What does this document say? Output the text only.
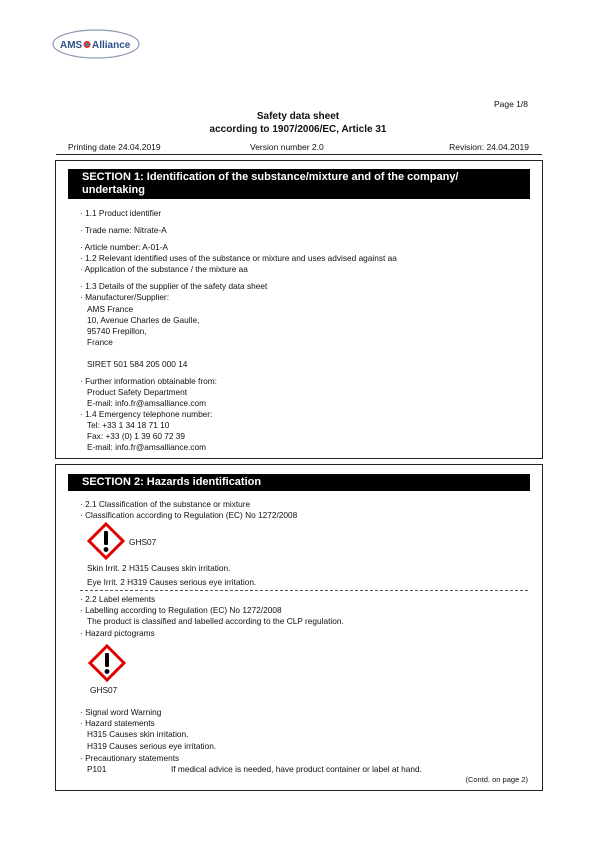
AMS Alliance
Page 1/8
Safety data sheet
according to 1907/2006/EC, Article 31
Printing date 24.04.2019	Version number 2.0	Revision: 24.04.2019
SECTION 1: Identification of the substance/mixture and of the company/
undertaking
· 1.1 Product identifier
· Trade name: Nitrate-A
· Article number: A-01-A
· 1.2 Relevant identified uses of the substance or mixture and uses advised against aa
· Application of the substance / the mixture aa
· 1.3 Details of the supplier of the safety data sheet
· Manufacturer/Supplier:
AMS France
10, Avenue Charles de Gaulle,
95740 Frepillon,
France
SIRET 501 584 205 000 14
· Further information obtainable from:
Product Safety Department
E-mail: info.fr@amsalliance.com
· 1.4 Emergency telephone number:
Tel: +33 1 34 18 71 10
Fax: +33 (0) 1 39 60 72 39
E-mail: info.fr@amsalliance.com
SECTION 2: Hazards identification
· 2.1 Classification of the substance or mixture
· Classification according to Regulation (EC) No 1272/2008
GHS07
Skin Irrit. 2 H315 Causes skin irritation.
Eye Irrit. 2 H319 Causes serious eye irritation.
· 2.2 Label elements
· Labelling according to Regulation (EC) No 1272/2008
The product is classified and labelled according to the CLP regulation.
· Hazard pictograms
GHS07
· Signal word Warning
· Hazard statements
H315 Causes skin irritation.
H319 Causes serious eye irritation.
· Precautionary statements
P101	If medical advice is needed, have product container or label at hand.
(Contd. on page 2)
